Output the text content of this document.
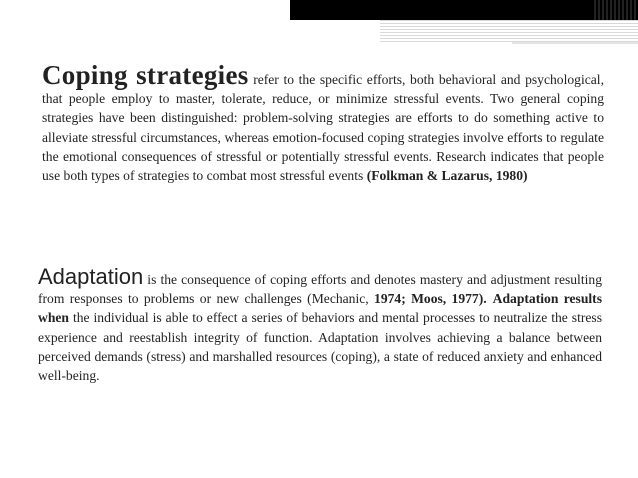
Coping strategies refer to the specific efforts, both behavioral and psychological, that people employ to master, tolerate, reduce, or minimize stressful events. Two general coping strategies have been distinguished: problem-solving strategies are efforts to do something active to alleviate stressful circumstances, whereas emotion-focused coping strategies involve efforts to regulate the emotional consequences of stressful or potentially stressful events. Research indicates that people use both types of strategies to combat most stressful events (Folkman & Lazarus, 1980)

Adaptation is the consequence of coping efforts and denotes mastery and adjustment resulting from responses to problems or new challenges (Mechanic, 1974; Moos, 1977). Adaptation results when the individual is able to effect a series of behaviors and mental processes to neutralize the stress experience and reestablish integrity of function. Adaptation involves achieving a balance between perceived demands (stress) and marshalled resources (coping), a state of reduced anxiety and enhanced well-being.
